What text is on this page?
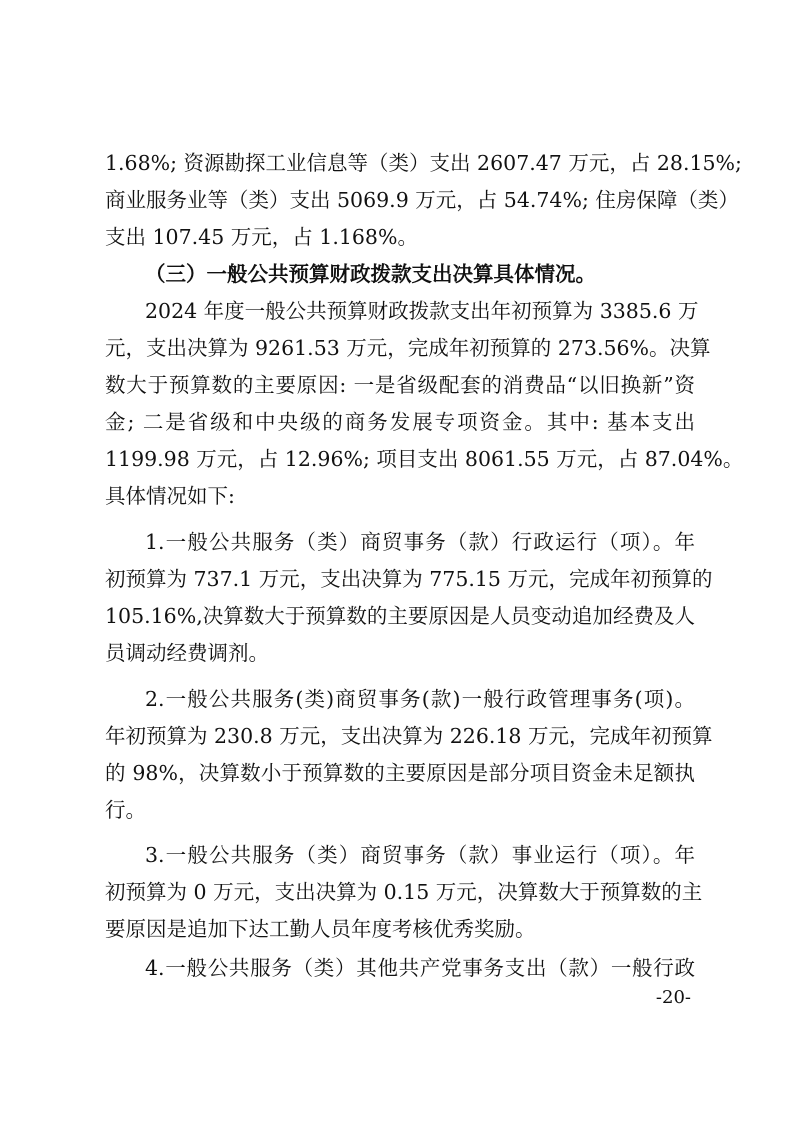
1.68%; 资源勘探工业信息等（类）支出 2607.47 万元，占 28.15%;
商业服务业等（类）支出 5069.9 万元，占 54.74%; 住房保障（类）
支出 107.45 万元，占 1.168%。
（三）一般公共预算财政拨款支出决算具体情况。
2024 年度一般公共预算财政拨款支出年初预算为 3385.6 万
元，支出决算为 9261.53 万元，完成年初预算的 273.56%。决算
数大于预算数的主要原因: 一是省级配套的消费品“以旧换新”资
金; 二是省级和中央级的商务发展专项资金。其中: 基本支出
1199.98 万元，占 12.96%; 项目支出 8061.55 万元，占 87.04%。
具体情况如下:
1.一般公共服务（类）商贸事务（款）行政运行（项）。年
初预算为 737.1 万元，支出决算为 775.15 万元，完成年初预算的
105.16%,决算数大于预算数的主要原因是人员变动追加经费及人
员调动经费调剂。
2.一般公共服务(类)商贸事务(款)一般行政管理事务(项)。
年初预算为 230.8 万元，支出决算为 226.18 万元，完成年初预算
的 98%，决算数小于预算数的主要原因是部分项目资金未足额执
行。
3.一般公共服务（类）商贸事务（款）事业运行（项）。年
初预算为 0 万元，支出决算为 0.15 万元，决算数大于预算数的主
要原因是追加下达工勤人员年度考核优秀奖励。
4.一般公共服务（类）其他共产党事务支出（款）一般行政
-20-
